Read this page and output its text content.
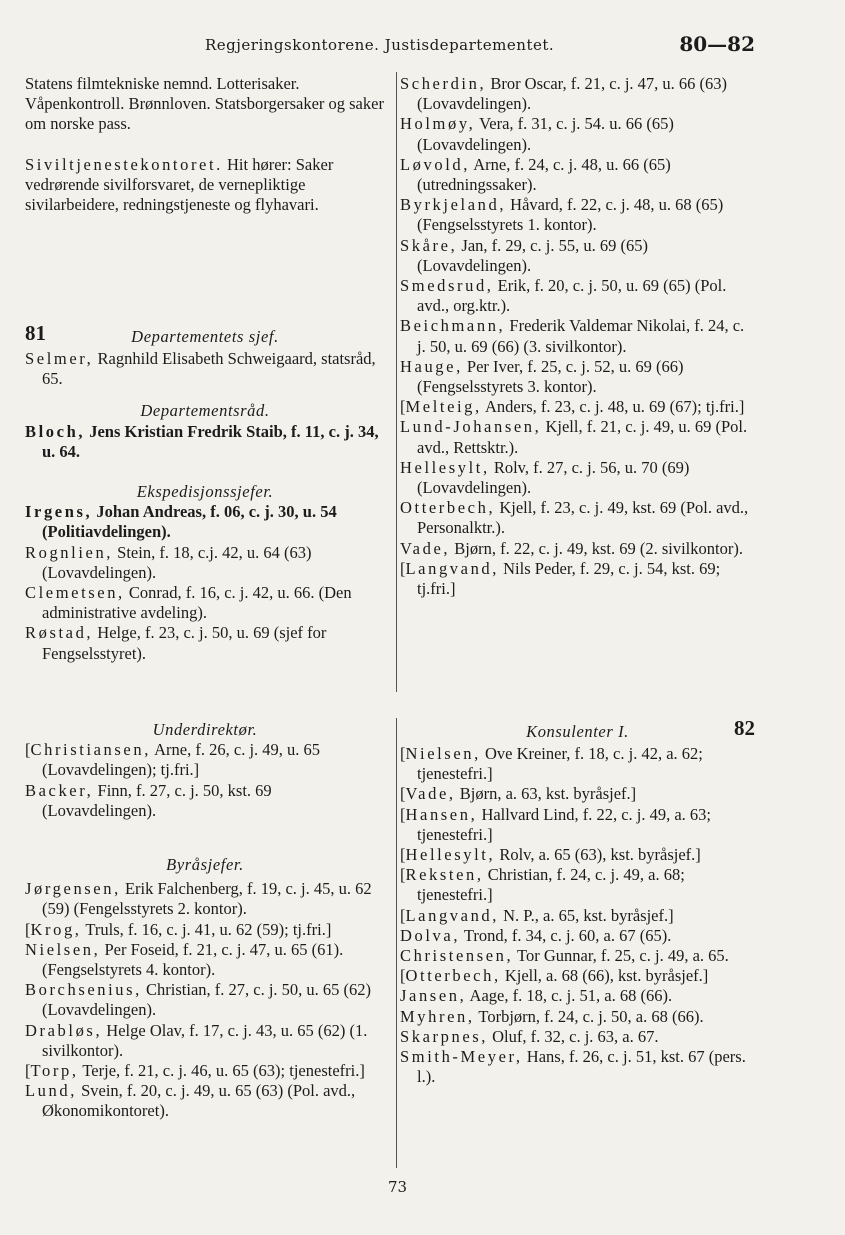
Regjeringskontorene. Justisdepartementet.	80—82

Statens filmtekniske nemnd. Lotterisaker. Våpenkontroll. Brønnloven. Statsborgersaker og saker om norske pass.

Siviltjenestekontoret. Hit hører: Saker vedrørende sivilforsvaret, de vernepliktige sivilarbeidere, redningstjeneste og flyhavari.

81	Departementets sjef.

Selmer, Ragnhild Elisabeth Schweigaard, statsråd, 65.

Departementsråd.

Bloch, Jens Kristian Fredrik Staib, f. 11, c. j. 34, u. 64.

Ekspedisjonssjefer.

Irgens, Johan Andreas, f. 06, c. j. 30, u. 54 (Politiavdelingen).

Rognlien, Stein, f. 18, c.j. 42, u. 64 (63) (Lovavdelingen).

Clemetsen, Conrad, f. 16, c. j. 42, u. 66. (Den administrative avdeling).

Røstad, Helge, f. 23, c. j. 50, u. 69 (sjef for Fengselsstyret).

Scherdin, Bror Oscar, f. 21, c. j. 47, u. 66 (63) (Lovavdelingen).

Holmøy, Vera, f. 31, c. j. 54. u. 66 (65) (Lovavdelingen).

Løvold, Arne, f. 24, c. j. 48, u. 66 (65) (utredningssaker).

Byrkjeland, Håvard, f. 22, c. j. 48, u. 68 (65) (Fengselsstyrets 1. kontor).

Skåre, Jan, f. 29, c. j. 55, u. 69 (65) (Lovavdelingen).

Smedsrud, Erik, f. 20, c. j. 50, u. 69 (65) (Pol. avd., org.ktr.).

Beichmann, Frederik Valdemar Nikolai, f. 24, c. j. 50, u. 69 (66) (3. sivilkontor).

Hauge, Per Iver, f. 25, c. j. 52, u. 69 (66) (Fengselsstyrets 3. kontor).

[Melteig, Anders, f. 23, c. j. 48, u. 69 (67); tj.fri.]

Lund-Johansen, Kjell, f. 21, c. j. 49, u. 69 (Pol. avd., Rettsktr.).

Hellesylt, Rolv, f. 27, c. j. 56, u. 70 (69) (Lovavdelingen).

Otterbech, Kjell, f. 23, c. j. 49, kst. 69 (Pol. avd., Personalktr.).

Vade, Bjørn, f. 22, c. j. 49, kst. 69 (2. sivilkontor).

[Langvand, Nils Peder, f. 29, c. j. 54, kst. 69; tj.fri.]

Underdirektør.

[Christiansen, Arne, f. 26, c. j. 49, u. 65 (Lovavdelingen); tj.fri.]

Backer, Finn, f. 27, c. j. 50, kst. 69 (Lovavdelingen).

Byråsjefer.

Jørgensen, Erik Falchenberg, f. 19, c. j. 45, u. 62 (59) (Fengelsstyrets 2. kontor).

[Krog, Truls, f. 16, c. j. 41, u. 62 (59); tj.fri.]

Nielsen, Per Foseid, f. 21, c. j. 47, u. 65 (61). (Fengselstyrets 4. kontor).

Borchsenius, Christian, f. 27, c. j. 50, u. 65 (62) (Lovavdelingen).

Drabløs, Helge Olav, f. 17, c. j. 43, u. 65 (62) (1. sivilkontor).

[Torp, Terje, f. 21, c. j. 46, u. 65 (63); tjenestefri.]

Lund, Svein, f. 20, c. j. 49, u. 65 (63) (Pol. avd., Økonomikontoret).

Konsulenter I.	82

[Nielsen, Ove Kreiner, f. 18, c. j. 42, a. 62; tjenestefri.]

[Vade, Bjørn, a. 63, kst. byråsjef.]

[Hansen, Hallvard Lind, f. 22, c. j. 49, a. 63; tjenestefri.]

[Hellesylt, Rolv, a. 65 (63), kst. byråsjef.]

[Reksten, Christian, f. 24, c. j. 49, a. 68; tjenestefri.]

[Langvand, N. P., a. 65, kst. byråsjef.]

Dolva, Trond, f. 34, c. j. 60, a. 67 (65).

Christensen, Tor Gunnar, f. 25, c. j. 49, a. 65.

[Otterbech, Kjell, a. 68 (66), kst. byråsjef.]

Jansen, Aage, f. 18, c. j. 51, a. 68 (66).

Myhren, Torbjørn, f. 24, c. j. 50, a. 68 (66).

Skarpnes, Oluf, f. 32, c. j. 63, a. 67.

Smith-Meyer, Hans, f. 26, c. j. 51, kst. 67 (pers. l.).

73
